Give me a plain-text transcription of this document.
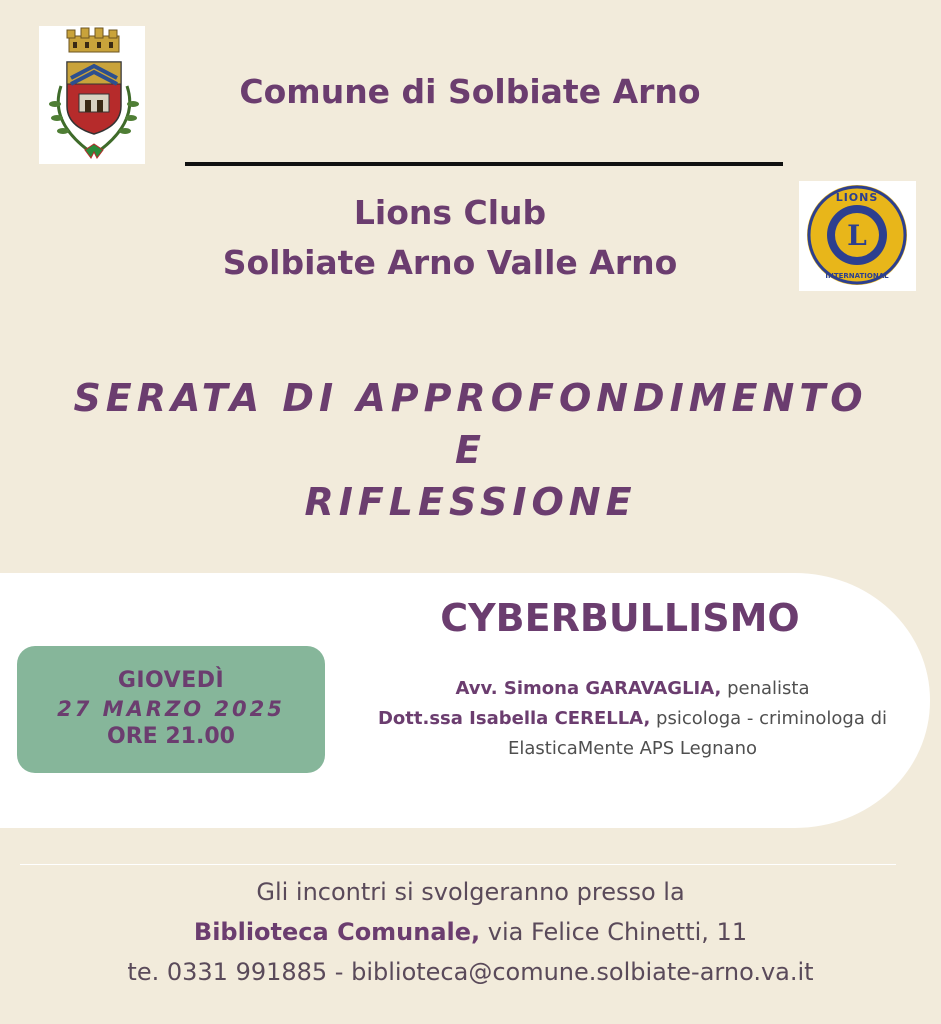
Comune di Solbiate Arno
Lions Club
Solbiate Arno Valle Arno
L
LIONS
INTERNATIONAL
SERATA DI APPROFONDIMENTO
E
RIFLESSIONE
GIOVEDÌ
27 MARZO 2025
ORE 21.00
CYBERBULLISMO
Avv. Simona GARAVAGLIA, penalista
Dott.ssa Isabella CERELLA, psicologa - criminologa di
ElasticaMente APS Legnano
Gli incontri si svolgeranno presso la
Biblioteca Comunale, via Felice Chinetti, 11
te. 0331 991885 - biblioteca@comune.solbiate-arno.va.it
